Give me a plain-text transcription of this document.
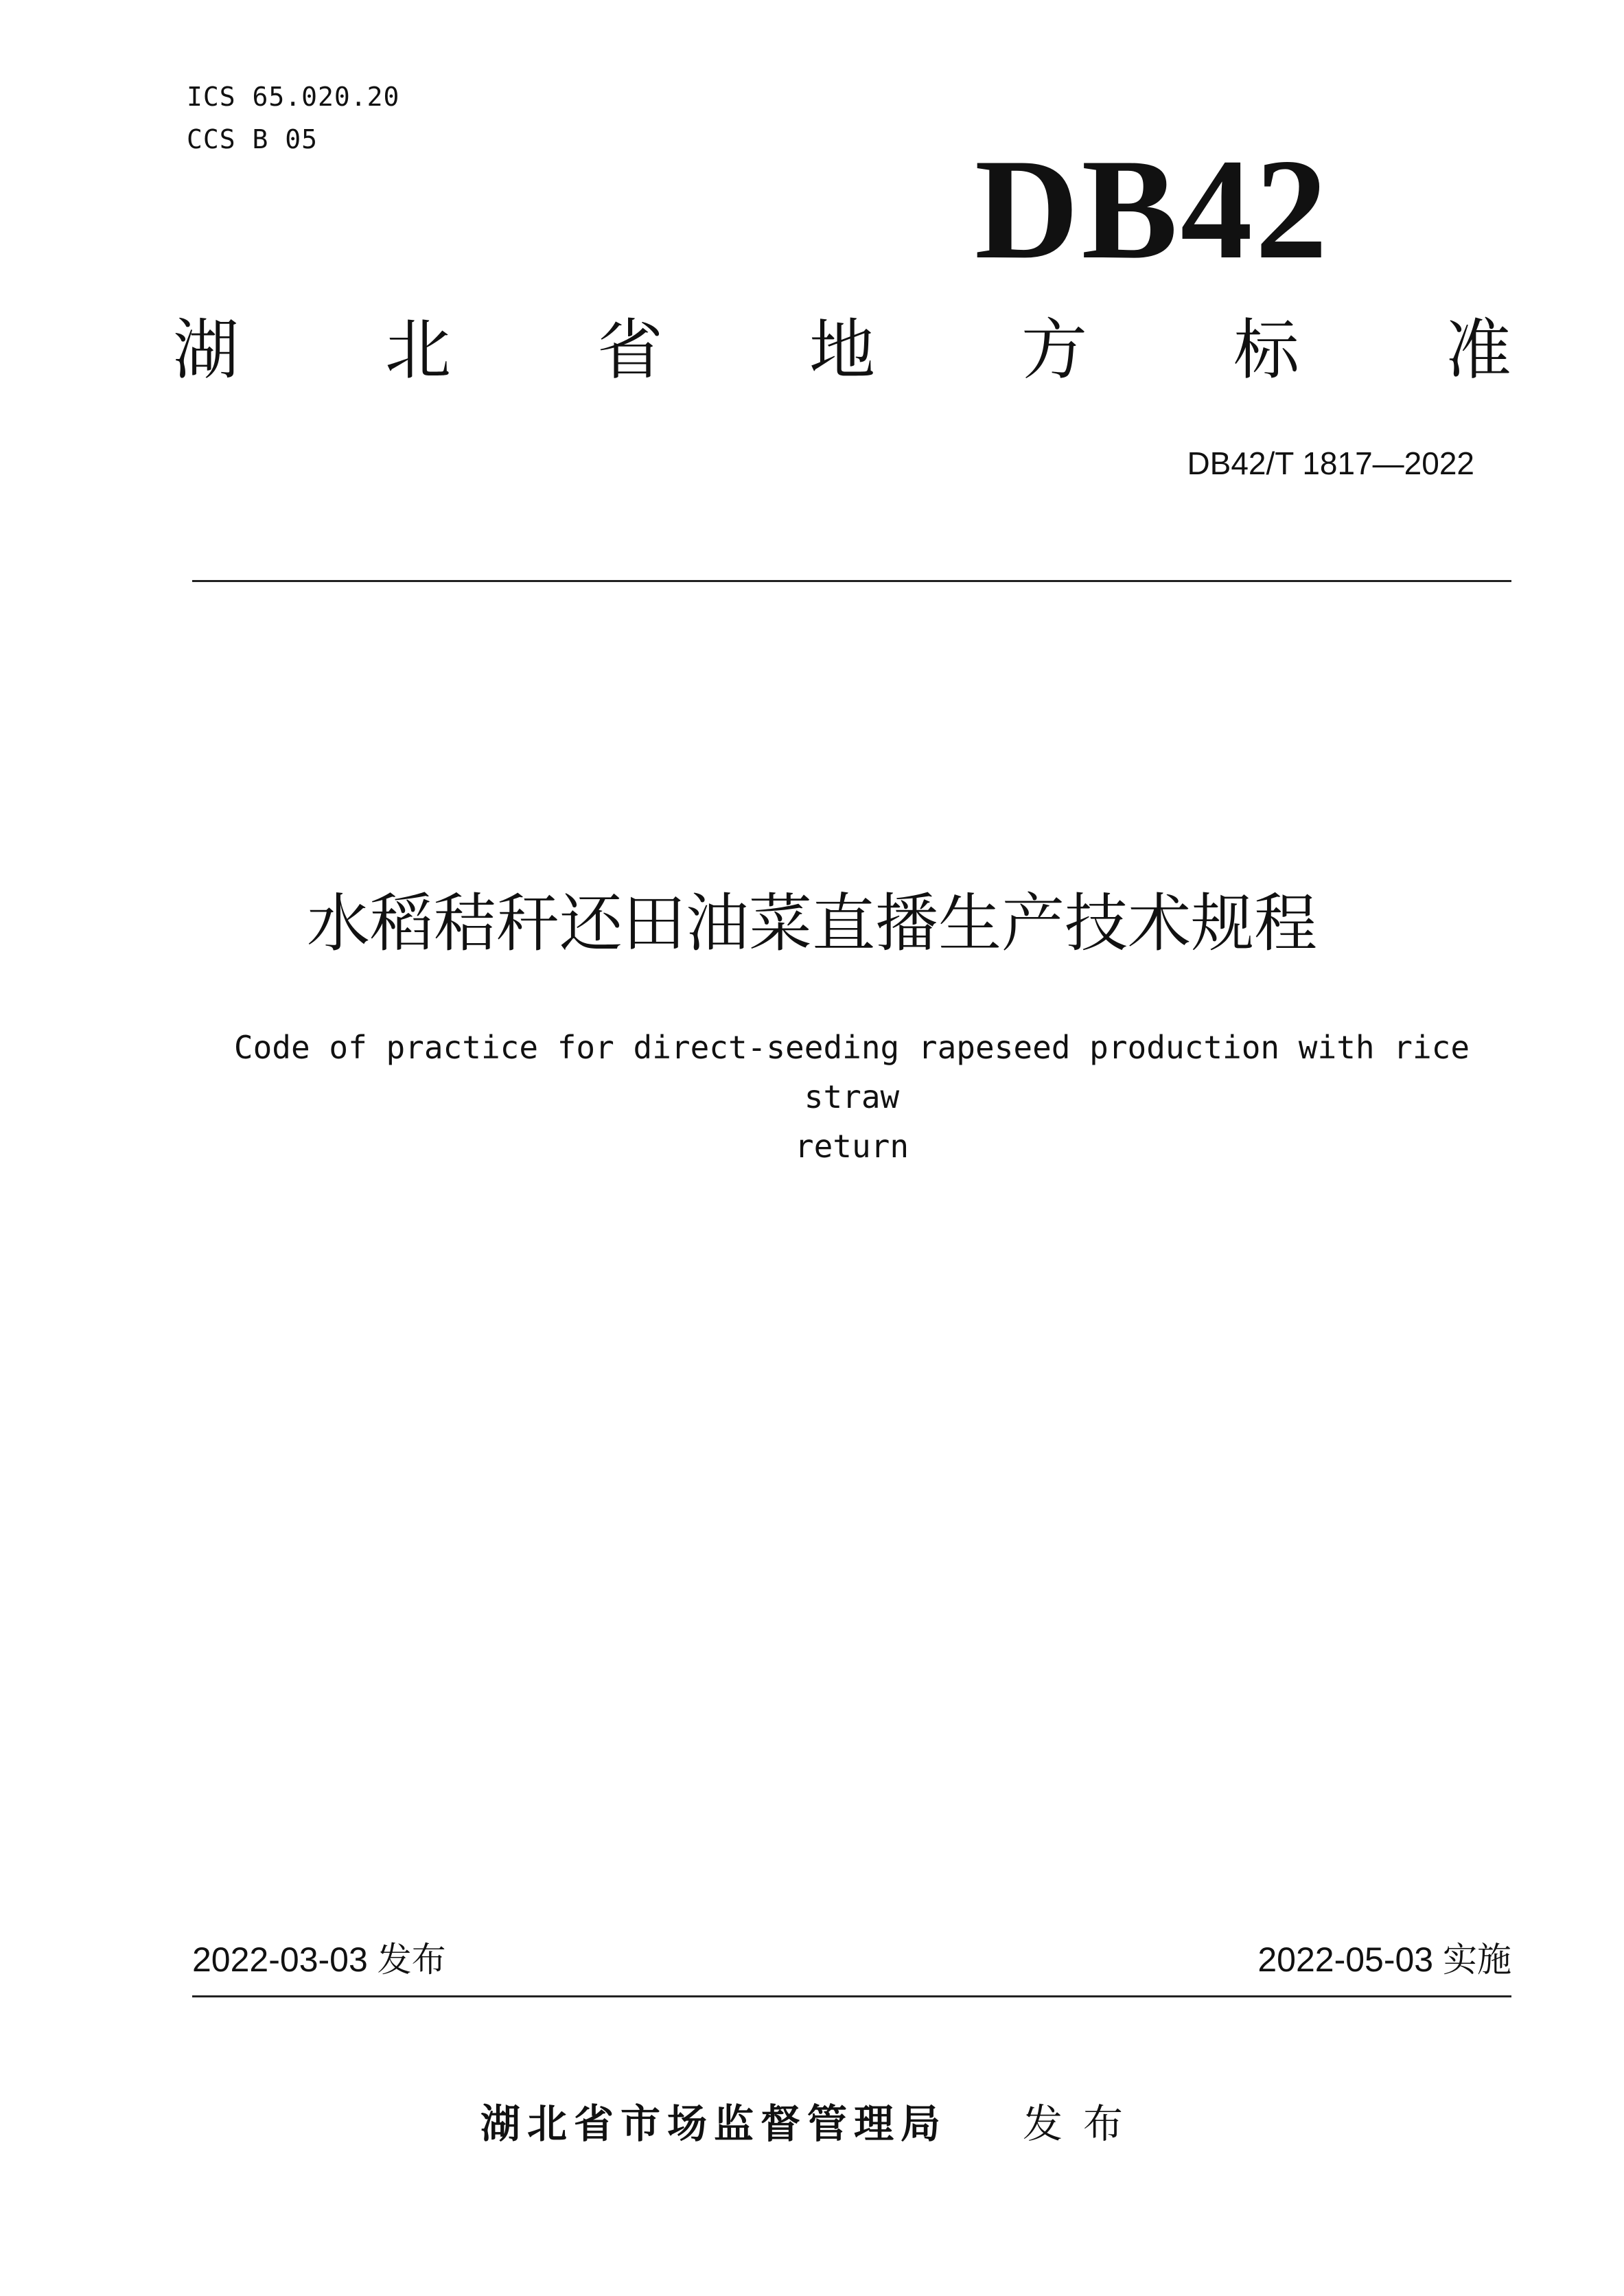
ICS 65.020.20
CCS B 05	DB42
湖 北 省 地 方 标 准
DB42/T 1817—2022
水稻秸秆还田油菜直播生产技术规程
Code of practice for direct-seeding rapeseed production with rice straw
return
2022-03-03 发布	2022-05-03 实施
湖北省市场监督管理局 发布
